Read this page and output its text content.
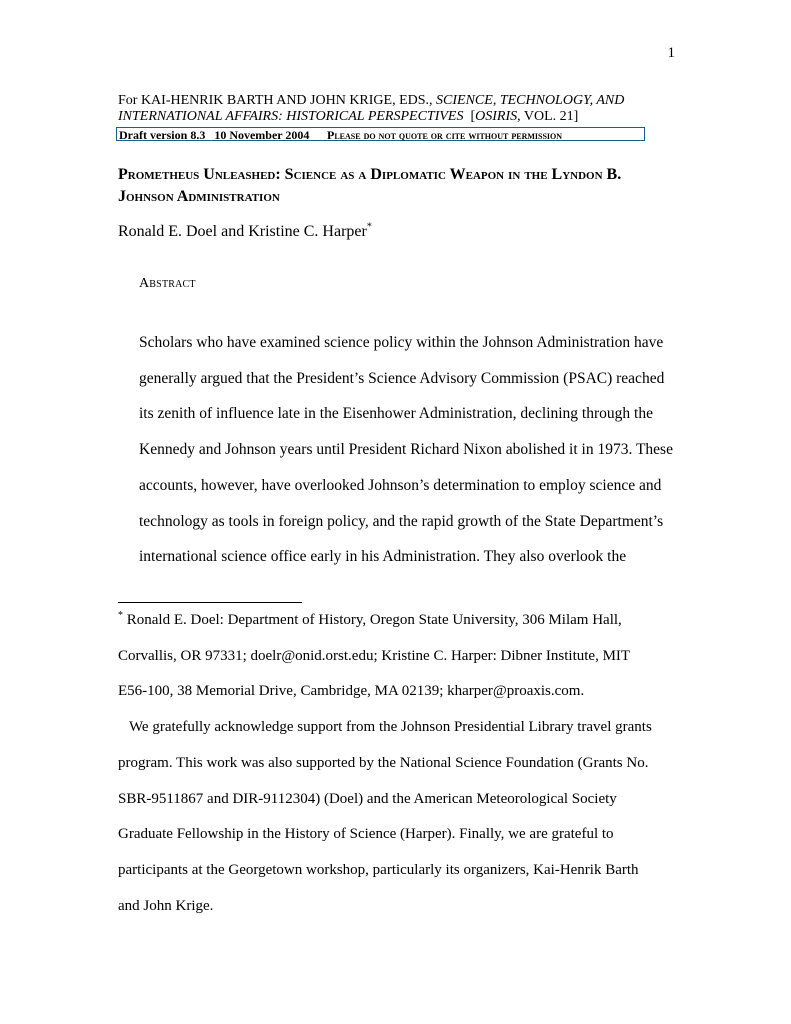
1
For KAI-HENRIK BARTH AND JOHN KRIGE, EDS., SCIENCE, TECHNOLOGY, AND
INTERNATIONAL AFFAIRS: HISTORICAL PERSPECTIVES  [OSIRIS, VOL. 21]
Draft version 8.3   10 November 2004 Please do not quote or cite without permission
Prometheus Unleashed: Science as a Diplomatic Weapon in the Lyndon B. Johnson Administration
Ronald E. Doel and Kristine C. Harper*
Abstract
Scholars who have examined science policy within the Johnson Administration have
generally argued that the President’s Science Advisory Commission (PSAC) reached
its zenith of influence late in the Eisenhower Administration, declining through the
Kennedy and Johnson years until President Richard Nixon abolished it in 1973. These
accounts, however, have overlooked Johnson’s determination to employ science and
technology as tools in foreign policy, and the rapid growth of the State Department’s
international science office early in his Administration. They also overlook the
* Ronald E. Doel: Department of History, Oregon State University, 306 Milam Hall,
Corvallis, OR 97331; doelr@onid.orst.edu; Kristine C. Harper: Dibner Institute, MIT
E56-100, 38 Memorial Drive, Cambridge, MA 02139; kharper@proaxis.com.
We gratefully acknowledge support from the Johnson Presidential Library travel grants
program. This work was also supported by the National Science Foundation (Grants No.
SBR-9511867 and DIR-9112304) (Doel) and the American Meteorological Society
Graduate Fellowship in the History of Science (Harper). Finally, we are grateful to
participants at the Georgetown workshop, particularly its organizers, Kai-Henrik Barth
and John Krige.
